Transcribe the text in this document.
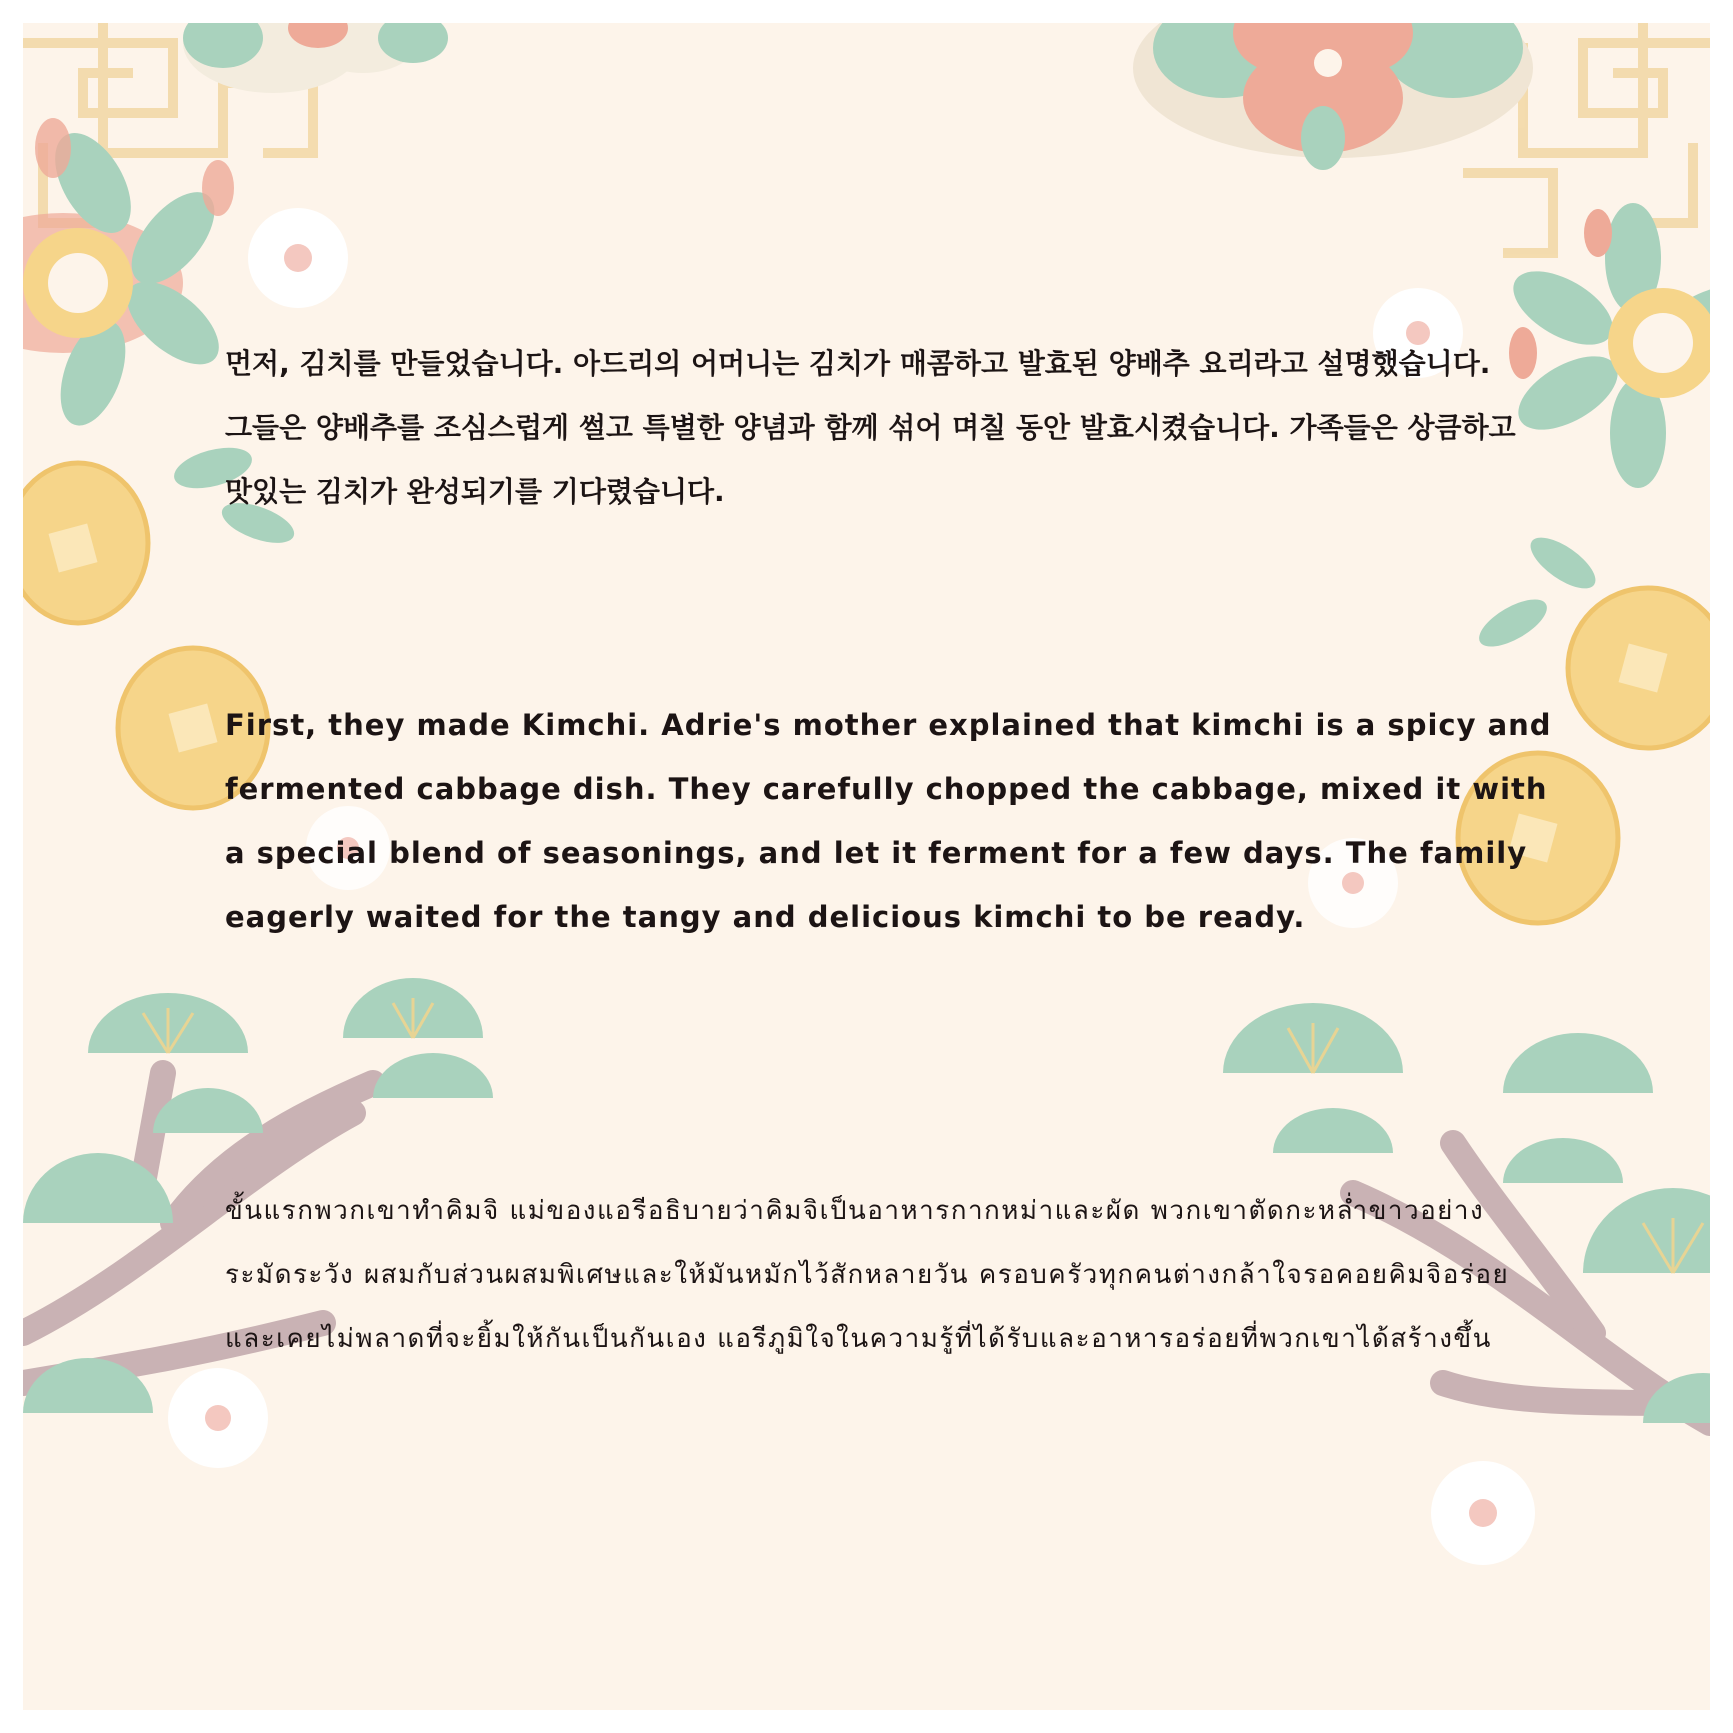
먼저, 김치를 만들었습니다. 아드리의 어머니는 김치가 매콤하고 발효된 양배추 요리라고 설명했습니다. 그들은 양배추를 조심스럽게 썰고 특별한 양념과 함께 섞어 며칠 동안 발효시켰습니다. 가족들은 상큼하고 맛있는 김치가 완성되기를 기다렸습니다.

First, they made Kimchi. Adrie's mother explained that kimchi is a spicy and fermented cabbage dish. They carefully chopped the cabbage, mixed it with a special blend of seasonings, and let it ferment for a few days. The family eagerly waited for the tangy and delicious kimchi to be ready.

ขั้นแรกพวกเขาทำคิมจิ แม่ของแอรีอธิบายว่าคิมจิเป็นอาหารกากหม่าและผัด พวกเขาตัดกะหล่ำขาวอย่างระมัดระวัง ผสมกับส่วนผสมพิเศษและให้มันหมักไว้สักหลายวัน ครอบครัวทุกคนต่างกล้าใจรอคอยคิมจิอร่อยและเคยไม่พลาดที่จะยิ้มให้กันเป็นกันเอง แอรีภูมิใจในความรู้ที่ได้รับและอาหารอร่อยที่พวกเขาได้สร้างขึ้น
